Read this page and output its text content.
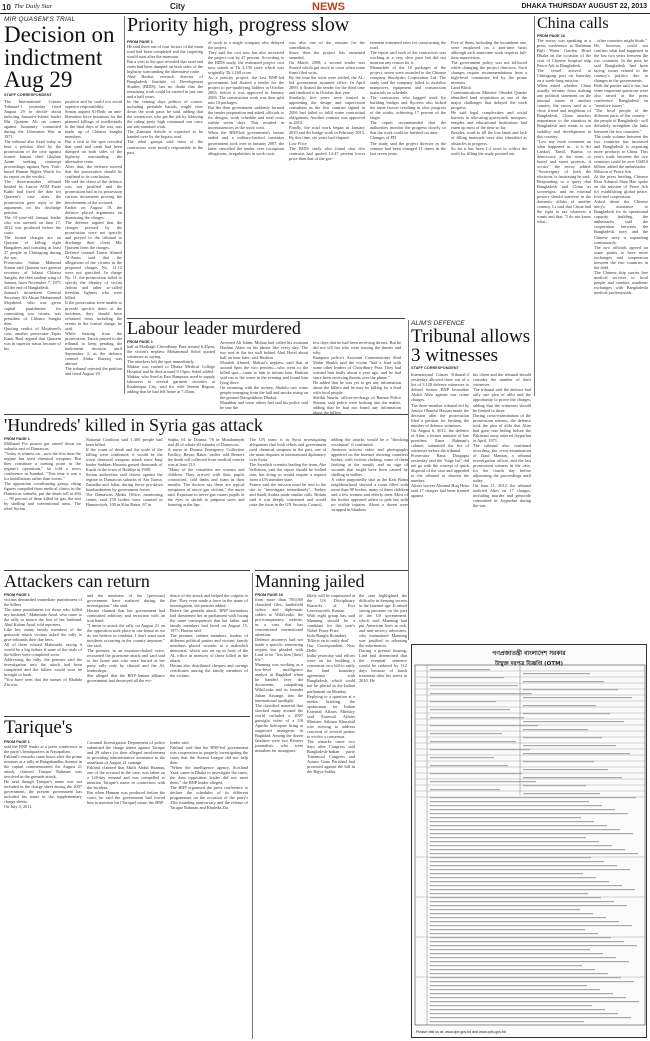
10 The Daily Star	City	NEWS	DHAKA THURSDAY AUGUST 22, 2013
MIR QUASEM'S TRIAL
Decision on indictment Aug 29
STAFF CORRESPONDENT
The International Crimes Tribunal-1 yesterday fixed August 29 to decide about indicting Jamaat-e-Islami leader Mir Quasem Ali on crimes against humanity committed during the Liberation War in 1971.
The tribunal also fixed today to hear a petition filed by the prosecution of the case against former Jamaat chief Ghulam Azam seeking contempt proceedings against New York-based Human Rights Watch for its report on the verdict.
The three-member tribunal headed by Justice ATM Fazle Kabir had fixed the date for Quasem's case after the prosecution gave reply to the arguments on his discharge petition.
The 61-year-old Jamaat leader who was arrested on June 17, 2012 was produced before the court.
The formal charges are on Quasem of killing eight Bangalees and torturing at least 27 people in Chittagong during the war.
Prosecutor Sultan Mahmud Simon said Quasem was general secretary of Islami Chhatra Sangha, the then student wing of Jamaat, from November 7, 1971 till the end of Bangladesh.
Jamaat's incumbent General Secretary Ali Ahsan Muhammad Mojaheed, who was given capital punishment for committing war crimes, was president of Chhatra Sangha then.
Quoting verdict of Mojaheed's case, another prosecutor Tapas Kanti Baul argued that Quasem was in superior status because of his
position and he could not avoid superior responsibility.
Simon argued Al-Badr, an anti-liberation force infamous for the planned killings of intellectuals in the final days of the war, was made up of Chhatra Sangha members.
But a visit to the spot revealed that sand and earth had been dumped on both sides of the highway surrounding the alternative route.
After that, the defence moved that the prosecution should be confined to its conclusion.
He said the claim of the defence was not justified and the prosecution had in its possession various documents proving the involvement of the accused.
Earlier on August 19, the defence placed arguments on dismissing the charges.
The defence argued that the charges pressed by the prosecution were not specific and prayed to the tribunal to discharge their client Mir Quasem from the charges.
Defence counsel Tanvir Ahmed Al-Amin said that the allegations of the victims in the proposed charges No. 11-12 were not specified. In charge No. 11, the prosecution failed to specify the identity of victim Jashim and other so-called freedom fighters who were killed.
If the prosecution were unable to provide specific dates of the incidents, they should have refrained from including the events in the formal charge, he said.
While hearing from the prosecution, Tanvir prayed to the tribunal to keep pending the indictment decision until September 4, as the defence counsel Abdur Razzaq was abroad.
The tribunal rejected the petition and fixed August 29.
Priority high, progress slow
FROM PAGE 1
He said three out of four factors of the main road had been completed and the carpeting would start after the monsoon.
But a visit to the spot revealed that sand and earth had been dumped on both sides of the highway surrounding the alternative route.
Abul Bashar, research director of Bangladesh Institute of Development Studies (BIDS), has no doubt that the remaining work could be carried in just one and a half years.
In the coming days politics of course, including probable hartals, might slow down the work pace, he said, adding that the contractors who get the job by lobbying the ruling party high command can carry out sub-standard work.
The Zamuna Ashole is expected to be handed over by the bypass road.
The rebel groups said most of the contractors were mostly responsible in the past.
of work to a single company also delayed the project.
They said the cost now has also increased the project cost by 47 percent. According to the BIDS study, the estimated project cost now stands at Tk 3,150 crore which was originally Tk 2,168 crore.
As a priority project, the last BNP-led government had floated a tender for the project to pre-qualifying bidders in October 2005, before it was approved in January 2006. The construction work was then split into 10 packages.
But the then government suddenly formed the tender preparation and asked officials to fix designs, work schedule and total costs within seven days. This resulted in inconsistencies in the work costs.
When the BNP-led government's tenure ended and a military-backed caretaker government took over in January 2007, the latter cancelled the tender over corruption allegations, irregularities in work costs
was also one of the reasons for the cancellation.
Since then the project has remained stranded.
On March 2008, a second tender was floated which got stuck in court when some firms filed writs.
By the time the writs were settled, the AL-led government assumed office. In April 2009, it floated the tender for the third time and finalised it in October that year.
Similarly, five years were wasted in appointing the design and supervision consultant as the first contract signed in 2006 had failed to fulfil some contractual obligations. Another contract was approved in 2010.
Finally, the road work began in January 2010 and the bridge work in February 2013. By this time, six years had elapsed.
Low Price
The BIDS study also found that five contracts had quoted 14-47 percent lower price than that of the gov-
ernment estimated rates for constructing the road.
The report said each of the contractors was working at a very slow pace but did not mention any reason for it.
Meanwhile of the 10 packages of the project, seven were awarded to the Chinese company Sinohydro Corporation Ltd. The study said the company failed to mobilise manpower, equipment and construction materials on schedule.
The contractors who bagged work for building bridges and flyovers also lacked the same factors resulting in slow progress of the works, achieving 17 percent of the target.
The report recommended that the authorities monitor the progress closely so that the work could be finished on time.
Changes of PD
The study said the project director in the venture had been changed 11 times in the last seven years.
Five of them, including the incumbent one, were employed on a part-time basis although each man-time work requires full-time supervision.
The government policy was not followed while changing the project directors. Such changes require recommendations from a high-level committee led by the prime minister.
Land Block
Communications Minister Obaidul Quader identified land acquisition as one of the major challenges that delayed the work progress.
He said legal complexities and social barriers in relocating graveyards, mosques, temples and educational institutions had eaten up most of the time so far.
Besides, work to fill the low lands and lack of filling materials were also identified as obstacles to progress.
So far it has been 1.4 acres to collect the earth for filling the study pointed out.
China calls
FROM PAGE 16
The envoy was speaking at a press conference at Ruthman Bijli Water Garden Hotel Dhaka on the occasion of the visit of Chinese hospital ship Peace Ark to Bangladesh.
The vessel arrived at Chittagong port on Saturday on a week-long mission.
When asked whether China usually refrains from making any political statement on the internal issues of another country, the envoy said as a close friend and neighbour of Bangladesh, China attaches importance to the situation in Bangladesh and wants to see stability and development in this country.
"Lest any fresh comment on what happened in... is it Sri Lanka's Tamil, Burma or democracy at the time, or hartal and street protests, it occurs" the envoy added. "Sovereignty of both the elections, is frustrating he said.
Responding to a query that Bangladesh and China as sovereigns, and no external powers should interfere in the domestic affairs of another country, Li said that China had the right to say whatever it wants and that, "I do not know what...
...other countries might think."
He, however, could not confirm what had happened in the last two years between the two countries. In the past, he said Bangladesh had been facing issues related to the country's politics due to changes in the governments.
Both the parties said it fair, but some important questions were also raised at the press conference. Bangladesh on "sensitive issues".
"The local people of the different parts of the country - the people of Bangladesh - will definitely strengthen the links between the two countries."
The trade volume between the two countries has increased and Bangladesh is exporting more products to China. This year's trade between the two countries could be over US$10 billion, added the ambassador.
Mission of Peace Ark
At the press briefing, Chinese Rear Admiral Shen Hao spoke on the mission of Peace Ark for establishing global peace, love and cooperation.
Asked about the Chinese navy's assistance to Bangladesh for its operational capacity building, the ambassador said the cooperation between the Bangladesh navy and the Chinese navy is expanding continuously.
The two officials agreed on some points to have more exchanges and cooperation between the two countries in the field.
The Chinese ship carries free medical services to local people and conduct academic exchanges with Bangladeshi medical professionals.
Labour leader murdered
FROM PAGE 1
hall at Madhagh Chowdhury Para around 6.45pm, the victim's nephew Mohammad Sohel quoted witnesses as saying.
The attackers left the spot immediately.
Maktar was rushed to Dhaka Medical College Hospital and he died around 9.15pm, Sohel added.
Maktar, who lived at East Rampura, used to supply labourers to several garment factories at Ibrahimpur City, said his wife Jesmin Begum, adding that he had left home at 7.45am.
Arrested Ali Islam, Mohan had called his assistant Hashim Alam on his phone like every day. The two met at the tea stall behind Abul Hotel about half an hour later, said Hashim.
Motaleb Ahmed, Maktar's nephew, said that at around 6pm the two persons—who went to the killed spot—came to him to inform him. Hashim said ran to the scene in the evening and found him lying there.
On returning with the money, Shakilu saw some people emerging from the hall and smoke rising on the ground (Saogoddoon Dhaka).
Matubbar and some others had said his police said he saw the
few days that he had been receiving threats. But he did not tell her who were issuing the threats and why.
Rampura police's Assistant Commissioner Abul Mahir Shaikh said the victim "had a feud with some other leaders of Chowdhury Para. They had warned him badly about a year ago, and he had since been receiving threats over the phone."
He added that he was yet to get any information about the killers and he may be killing for a feud with local people.
Sheikh Nasrin, officer-in-charge of Ramna Police Station, said police were looking into the matter, adding that he had not found any information about the killers.
ALIM'S DEFENCE
Tribunal allows 3 witnesses
STAFF CORRESPONDENT
International Crimes Tribunal-2 yesterday allowed three out of a list of 3,128 defence witnesses to defend former BNP lawmaker Abdul Alim against war crime charges.
The three-member tribunal led by Justice Obaidul Hassan made the decision after the prosecution filed a petition for limiting the number of defence witnesses.
On August 6, 2012, the defence of Alim, a former minister of late president Ziaur Rahman's cabinet, submitted the list of witnesses before the tribunal.
Prosecutor Rana Dasgupta yesterday said the "huge list" did not go with the concept of quick disposal of the case and appealed to the tribunal to shorten the number.
Alim's lawyer Ahsanul Huq Hena said 17 charges had been framed against
his client and the tribunal should consider the number of their witnesses.
The tribunal said the defence had only one plea of alibi and the opportunity to prove the charges, adding that the witnesses should be limited to three.
During cross-examination of the prosecution witness, the defence took the plea of alibi that Alim had gone into hiding before the Pakistani army entered Joypurhat in April, 1971.
The tribunal also continued recording the cross-examination of Ziaul Mamun, a tribunal investigation officer, and the last prosecution witness in the case, for the fourth day before adjourning the proceedings until today.
On June 11, 2012, the tribunal indicted Alim on 17 charges, including murder and genocide committed in Joypurhat during the war.
'Hundreds' killed in Syria gas attack
FROM PAGE 1
Miliband For poison gas rained down on suburbs east of Damascus.
"Today is witness on... now the first time the regime has used chemical weapons. But they constitute a turning point in the regime's operations," he told a news conference in Istanbul. "This time it was a for installations rather than towns."
The opposition coordinating group, citing figures compiled from medical clinics in the Damascus suburbs, put the death toll at 494 — 90 percent of them killed by gas, the rest by shelling and conventional arms. The rebel Syrian
National Coalition said 1,300 people had been killed.
If the count of death and the scale of the killing were confirmed, it would be the worst chemical weapons attack since Iraqi leader Saddam Hussein gassed thousands of Kurds in the town of Halabja in 1988.
Syrian authorities said claims against the regime in Damascus suburbs of Ain Tarma, Zamalka and Jobar, during fierce pro-dawn bombardments by government forces.
The Damascus Media Office, monitoring centre, said 150 bodies were counted in Hamouriyeh, 100 in Kfar Batna, 67 in
Saqba, 61 in Douma, 76 in Moadamiyeh and 40 of whole all suburbs of Damascus.
A nurse at Douma Emergency Collection Facility, Bayan Baker, earlier told Reuters the death toll collected from medical centres was at least 213.
"Many of the casualties are women and children. They arrived with their pupils constricted, cold limbs and foam in their mouths. The doctors say these are typical symptoms of nerve gas victims," the nurse said. Exposure to nerve gas causes pupils in the eyes to shrink to pinpoint sizes and foaming at the lips.
The UN team is in Syria investigating allegations that both rebels and government used chemical weapons in the past, one of the main disputes in international diplomacy over Syria.
The Swedish scientist leading the team, Ake Sellstrom, said the report should be looked into, but doing so would require a request from a UN member state.
France said the mission must be sent to the site to "investigate immediately". Turkey and Saudi Arabia made similar calls. Britain said it was deeply concerned and would raise the issue in the UN Security Council,
adding the attacks would be a "shocking escalation" if confirmed.
Amateur activist video and photographs appeared on the Internet showing countless bodies, with victims choking, some of them frothing at the mouth, and no sign of wounds that might have been caused by shelling or bullets.
A video purportedly shot in the Kafr Batna neighbourhood showed a room filled with more than 90 bodies, many of them children and a few women and elderly men. Most of the bodies appeared ashen or pale but with no visible injuries. About a dozen were wrapped in blankets.
Attackers can return
FROM PAGE 1
victims demanded immediate punishment of the killers.
The same punishment for those who killed my husband," Mahmuda Azad, who came to the rally to mourn the loss of her husband, Abul Kalam Azad, told reporters.
Like her, many family members of the genocide attack victims asked the rally to give tribunals their due laws.
All of them echoed Mahmuda, saying it would be a big failure if none of the trials of the killers were completed soon.
Addressing the rally, the premier said the investigation into the attack had been completed and the killers would soon be brought to book.
"You have seen that the names of Bhabda Zia was
and the ministers of her [previous] government have surfaced during the investigation," she said.
Hasina claimed that her government had committed arbitrary and terrorism with an iron hand.
"I mean to attack the rally on August 21 on the opposition took place in one house as we do not believe in vendetta. I don't want such incidents occurring in the country anymore," she said.
The premier, in an emotion-choked voice, recounted the gruesome attack and said said in her home and who were buried at her party rally only by clinical and the AL leaderships.
She alleged that the BNP-Jamaat alliance government had destroyed all the evi-
dence of the attack and helped the culprits to flee. They even made a farce in the name of investigation, the premier added.
Before the grenade attack, BNP lawmakers had threatened her in parliament with facing the same consequences that her father and family members had faced on August 15, 1975, Hasina said.
The premier, cabinet members, leaders of different political parties and victims' family members placed wreaths at a makeshift memorial, which was set up in front of the AL office in memory of those killed in the attack.
Hasina also distributed cheques and savings certificates among the family members of the victims.
Manning jailed
FROM PAGE 16
from more than 700,000 classified files, battlefield videos and diplomatic cables to WikiLeaks, the pro-transparency website, in a case that has concentrated international attention.
Defence attorneys had not made a specific sentencing request but pleaded with Lind to be "lets him [their] life".
Manning was working as a low-level intelligence analyst in Baghdad when he handed over the documents, catapulting WikiLeaks and its founder Julian Assange, into the international spotlight.
The classified material that shocked many around the world included a 2007 gunsight video of a US Apache helicopter firing at suspected insurgents in Baghdad. Among the dozen fatalities were two Reuters journalists, who were mistaken for insurgents.
likely will be imprisoned at the US Disciplinary Barracks at Fort Leavenworth, Kansas.
With eight group has said Manning should be a candidate for this year's Nobel Peace Prize.
Indo-Bangla Boundary
'Efforts on to ratify deal'
Our Correspondent, New Delhi
India yesterday said efforts were on for building a consensus on a bill to ratify the land boundary agreement with Bangladesh, which could not be placed in the Indian parliament on Monday.
Replying to a question at a media briefing, the spokesman for Indian External Affairs Ministry said External Affairs Minister Salman Khurshid was striving to address concerns of several parties to evolve a consensus.
The remarks came two days after Congress said Bangladesh-Indian party Trinamool Congress and Assam Gana Parishad had protested against the bill in the Rajya Sabha.
the case highlighted the difficulty in keeping secrets in the Internet age. It raised strong passions on the part of the US government, which said Manning had put American lives at risk, and anti-secrecy advocates, who maintained Manning was justified in releasing the information.
During a pretrial hearing, Lind had determined that the eventual sentence would be reduced by 112 days because of harsh treatment after his arrest in 2010. He
Tarique's
FROM PAGE 1
said the BNP leader at a press conference at the party's headquarters in Nayapaltan.
Fakhrul's remarks came hours after the prime minister at a rally at Bangabandhu Avenue in the capital commemorated the August 21 attack, claimed Tarique Rahman was involved in the grenade attack.
He said though Tarique's name was not included in the charge sheet during the 2007 government, the present government has included his name in the supplementary charge sheets.
On July 3, 2011,
Criminal Investigation Department of police submitted the charge sheets against Tarique and 29 others for their alleged involvement in providing administrative assistance to the assailants of August 21 carnage.
Fakhrul claimed that Mufti Abdul Hannan, one of the accused in the case, was taken on a 120-day remand and was compelled to mention Tarique's name in connection with the incident.
But when Hannan was produced before the court, he said the government had forced him to mention his [Tarique] name, the BNP
leader said.
Fakhrul said that the BNP-led government was cooperative in properly investigating the cases that the Awami League did not help then.
"When the intelligence agency, Scotland Yard, came to Dhaka to investigate the cases, the then opposition leader did not meet them," the BNP leader alleged.
The BNP organised the press conference to declare the schedules of its different programmes on the occasion of the party's 35th founding anniversary and the release of Tarique Rahman and Khaleda Zia.
গণপ্রজাতন্ত্রী বাংলাদেশ সরকার
উন্মুক্ত দরপত্র বিজ্ঞপ্তি (OTM)
Please visit us at: www.dpe.gov.bd and www.cptu.gov.bd
